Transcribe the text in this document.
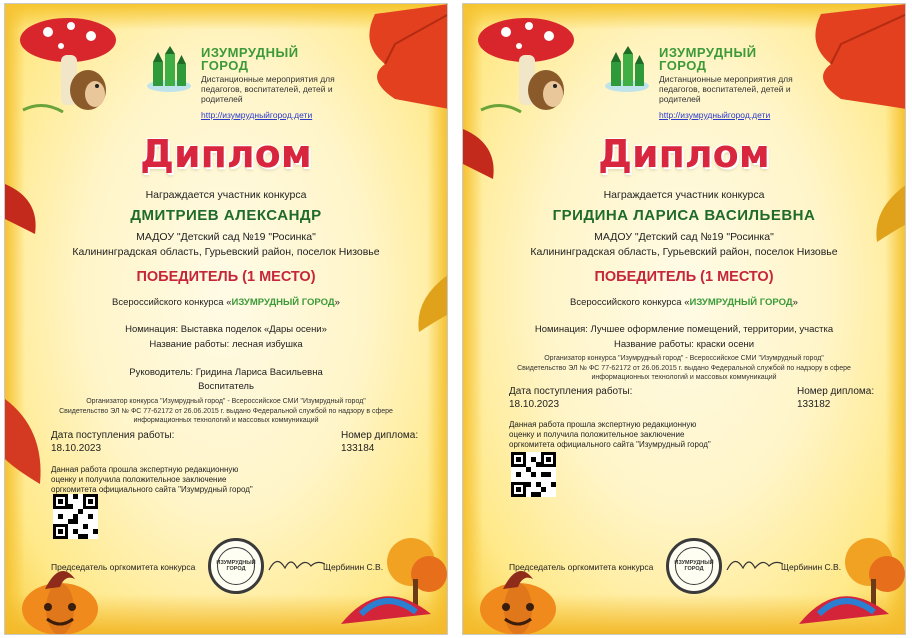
ИЗУМРУДНЫЙ
ГОРОД
Дистанционные мероприятия для педагогов, воспитателей, детей и родителей
http://изумрудныйгород.дети
Диплом
Награждается участник конкурса
ДМИТРИЕВ АЛЕКСАНДР
МАДОУ "Детский сад №19 "Росинка"
Калининградская область, Гурьевский район, поселок Низовье
ПОБЕДИТЕЛЬ (1 МЕСТО)
Всероссийского конкурса «ИЗУМРУДНЫЙ ГОРОД»
Номинация: Выставка поделок «Дары осени»
Название работы: лесная избушка
Руководитель: Гридина Лариса Васильевна
Воспитатель
Организатор конкурса "Изумрудный город" - Всероссийское СМИ "Изумрудный город"
Свидетельство ЭЛ № ФС 77-62172 от 26.06.2015 г. выдано Федеральной службой по надзору в сфере информационных технологий и массовых коммуникаций
Дата поступления работы:
18.10.2023
Номер диплома:
133184
Данная работа прошла экспертную редакционную оценку и получила положительное заключение оргкомитета официального сайта "Изумрудный город"
Председатель оргкомитета конкурса	ИЗУМРУДНЫЙ ГОРОД	Щербинин С.В.
ИЗУМРУДНЫЙ
ГОРОД
Дистанционные мероприятия для педагогов, воспитателей, детей и родителей
http://изумрудныйгород.дети
Диплом
Награждается участник конкурса
ГРИДИНА ЛАРИСА ВАСИЛЬЕВНА
МАДОУ "Детский сад №19 "Росинка"
Калининградская область, Гурьевский район, поселок Низовье
ПОБЕДИТЕЛЬ (1 МЕСТО)
Всероссийского конкурса «ИЗУМРУДНЫЙ ГОРОД»
Номинация: Лучшее оформление помещений, территории, участка
Название работы: краски осени
Организатор конкурса "Изумрудный город" - Всероссийское СМИ "Изумрудный город"
Свидетельство ЭЛ № ФС 77-62172 от 26.06.2015 г. выдано Федеральной службой по надзору в сфере информационных технологий и массовых коммуникаций
Дата поступления работы:
18.10.2023
Номер диплома:
133182
Данная работа прошла экспертную редакционную оценку и получила положительное заключение оргкомитета официального сайта "Изумрудный город"
Председатель оргкомитета конкурса	ИЗУМРУДНЫЙ ГОРОД	Щербинин С.В.
